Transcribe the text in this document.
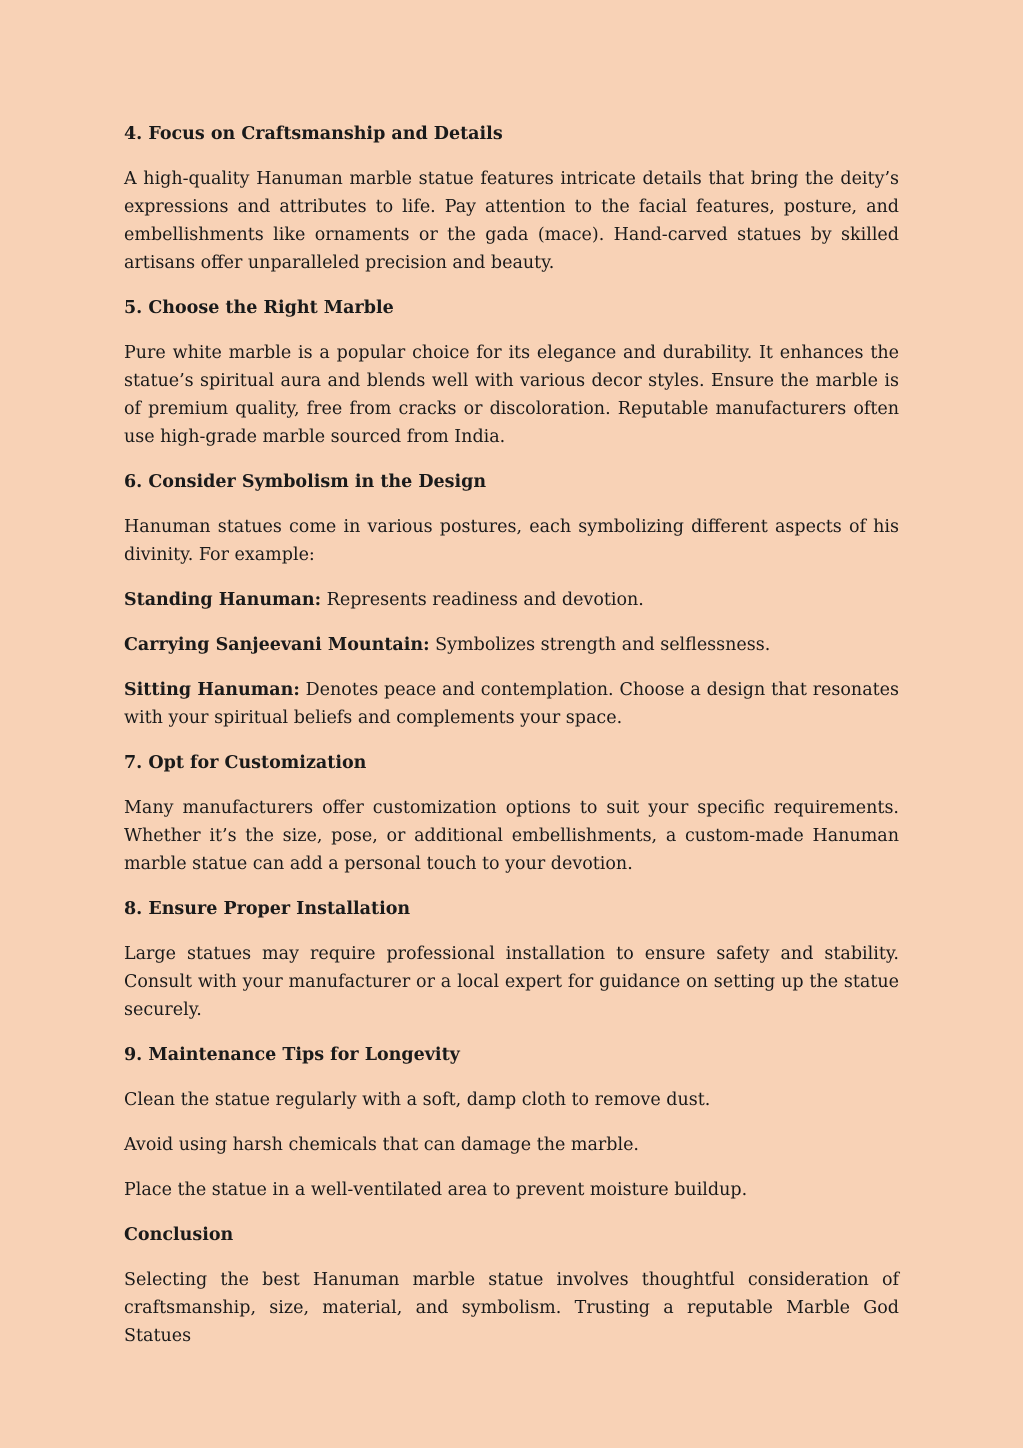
4. Focus on Craftsmanship and Details

A high-quality Hanuman marble statue features intricate details that bring the deity’s expressions and attributes to life. Pay attention to the facial features, posture, and embellishments like ornaments or the gada (mace). Hand-carved statues by skilled artisans offer unparalleled precision and beauty.

5. Choose the Right Marble

Pure white marble is a popular choice for its elegance and durability. It enhances the statue’s spiritual aura and blends well with various decor styles. Ensure the marble is of premium quality, free from cracks or discoloration. Reputable manufacturers often use high-grade marble sourced from India.

6. Consider Symbolism in the Design

Hanuman statues come in various postures, each symbolizing different aspects of his divinity. For example:

Standing Hanuman: Represents readiness and devotion.

Carrying Sanjeevani Mountain: Symbolizes strength and selflessness.

Sitting Hanuman: Denotes peace and contemplation. Choose a design that resonates with your spiritual beliefs and complements your space.

7. Opt for Customization

Many manufacturers offer customization options to suit your specific requirements. Whether it’s the size, pose, or additional embellishments, a custom-made Hanuman marble statue can add a personal touch to your devotion.

8. Ensure Proper Installation

Large statues may require professional installation to ensure safety and stability. Consult with your manufacturer or a local expert for guidance on setting up the statue securely.

9. Maintenance Tips for Longevity

Clean the statue regularly with a soft, damp cloth to remove dust.

Avoid using harsh chemicals that can damage the marble.

Place the statue in a well-ventilated area to prevent moisture buildup.

Conclusion

Selecting the best Hanuman marble statue involves thoughtful consideration of craftsmanship, size, material, and symbolism. Trusting a reputable Marble God Statues
